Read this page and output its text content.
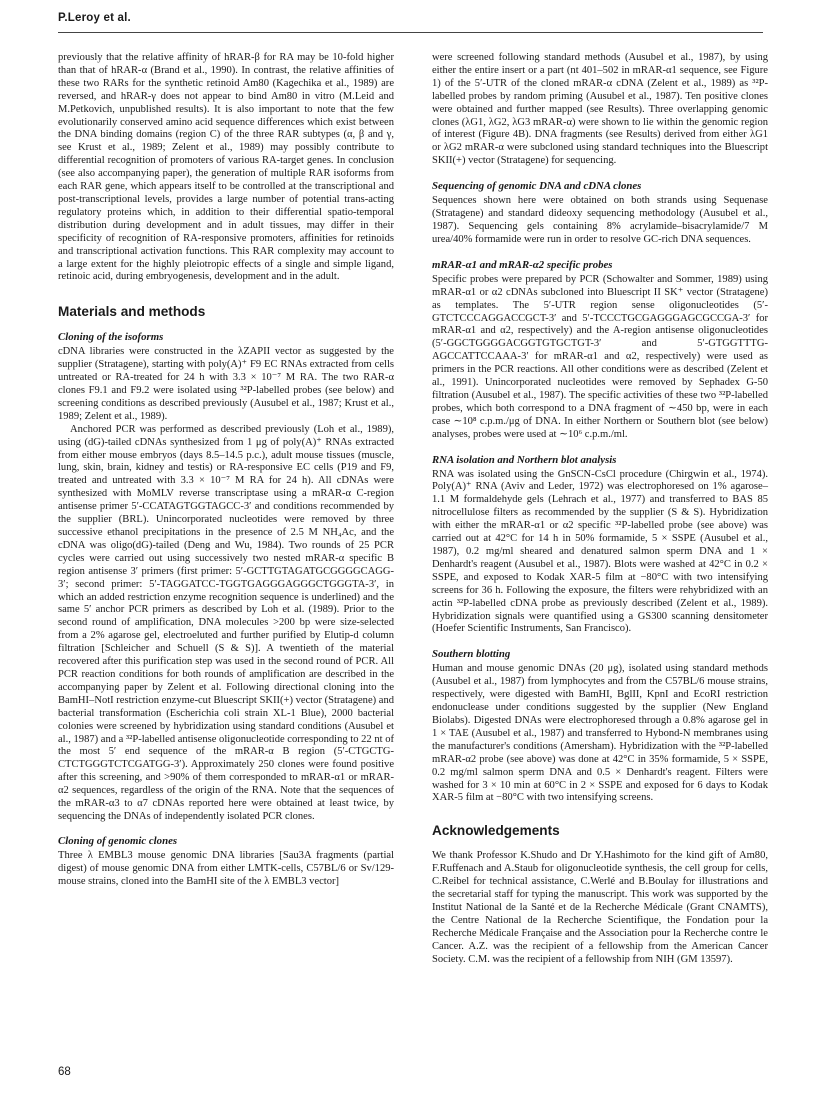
P.Leroy et al.

previously that the relative affinity of hRAR-β for RA may be 10-fold higher than that of hRAR-α (Brand et al., 1990). In contrast, the relative affinities of these two RARs for the synthetic retinoid Am80 (Kagechika et al., 1989) are reversed, and hRAR-γ does not appear to bind Am80 in vitro (M.Leid and M.Petkovich, unpublished results). It is also important to note that the few evolutionarily conserved amino acid sequence differences which exist between the DNA binding domains (region C) of the three RAR subtypes (α, β and γ, see Krust et al., 1989; Zelent et al., 1989) may possibly contribute to differential recognition of promoters of various RA-target genes. In conclusion (see also accompanying paper), the generation of multiple RAR isoforms from each RAR gene, which appears itself to be controlled at the transcriptional and post-transcriptional levels, provides a large number of potential trans-acting regulatory proteins which, in addition to their differential spatio-temporal distribution during development and in adult tissues, may differ in their specificity of recognition of RA-responsive promoters, affinities for retinoids and transcriptional activation functions. This RAR complexity may account to a large extent for the highly pleiotropic effects of a single and simple ligand, retinoic acid, during embryogenesis, development and in the adult.

Materials and methods
Cloning of the isoforms

cDNA libraries were constructed in the λZAPII vector as suggested by the supplier (Stratagene), starting with poly(A)⁺ F9 EC RNAs extracted from cells untreated or RA-treated for 24 h with 3.3 × 10⁻⁷ M RA. The two RAR-α clones F9.1 and F9.2 were isolated using ³²P-labelled probes (see below) and screening conditions as described previously (Ausubel et al., 1987; Krust et al., 1989; Zelent et al., 1989).

Anchored PCR was performed as described previously (Loh et al., 1989), using (dG)-tailed cDNAs synthesized from 1 μg of poly(A)⁺ RNAs extracted from either mouse embryos (days 8.5–14.5 p.c.), adult mouse tissues (muscle, lung, skin, brain, kidney and testis) or RA-responsive EC cells (P19 and F9, treated and untreated with 3.3 × 10⁻⁷ M RA for 24 h). All cDNAs were synthesized with MoMLV reverse transcriptase using a mRAR-α C-region antisense primer 5′-CCATAGTGGTAGCC-3′ and conditions recommended by the supplier (BRL). Unincorporated nucleotides were removed by three successive ethanol precipitations in the presence of 2.5 M NH₄Ac, and the cDNA was oligo(dG)-tailed (Deng and Wu, 1984). Two rounds of 25 PCR cycles were carried out using successively two nested mRAR-α specific B region antisense 3′ primers (first primer: 5′-GCTTGTAGATGCGGGGCAGG-3′; second primer: 5′-TAGGATCC-TGGTGAGGGAGGGCTGGGTA-3′, in which an added restriction enzyme recognition sequence is underlined) and the same 5′ anchor PCR primers as described by Loh et al. (1989). Prior to the second round of amplification, DNA molecules >200 bp were size-selected from a 2% agarose gel, electroeluted and further purified by Elutip-d column filtration [Schleicher and Schuell (S & S)]. A twentieth of the material recovered after this purification step was used in the second round of PCR. All PCR reaction conditions for both rounds of amplification are described in the accompanying paper by Zelent et al. Following directional cloning into the BamHI–NotI restriction enzyme-cut Bluescript SKII(+) vector (Stratagene) and bacterial transformation (Escherichia coli strain XL-1 Blue), 2000 bacterial colonies were screened by hybridization using standard conditions (Ausubel et al., 1987) and a ³²P-labelled antisense oligonucleotide corresponding to 22 nt of the most 5′ end sequence of the mRAR-α B region (5′-CTGCTG-CTCTGGGTCTCGATGG-3′). Approximately 250 clones were found positive after this screening, and >90% of them corresponded to mRAR-α1 or mRAR-α2 sequences, regardless of the origin of the RNA. Note that the sequences of the mRAR-α3 to α7 cDNAs reported here were obtained at least twice, by sequencing the DNAs of independently isolated PCR clones.

Cloning of genomic clones

Three λ EMBL3 mouse genomic DNA libraries [Sau3A fragments (partial digest) of mouse genomic DNA from either LMTK-cells, C57BL/6 or Sv/129-mouse strains, cloned into the BamHI site of the λ EMBL3 vector]

were screened following standard methods (Ausubel et al., 1987), by using either the entire insert or a part (nt 401–502 in mRAR-α1 sequence, see Figure 1) of the 5′-UTR of the cloned mRAR-α cDNA (Zelent et al., 1989) as ³²P-labelled probes by random priming (Ausubel et al., 1987). Ten positive clones were obtained and further mapped (see Results). Three overlapping genomic clones (λG1, λG2, λG3 mRAR-α) were shown to lie within the genomic region of interest (Figure 4B). DNA fragments (see Results) derived from either λG1 or λG2 mRAR-α were subcloned using standard techniques into the Bluescript SKII(+) vector (Stratagene) for sequencing.

Sequencing of genomic DNA and cDNA clones

Sequences shown here were obtained on both strands using Sequenase (Stratagene) and standard dideoxy sequencing methodology (Ausubel et al., 1987). Sequencing gels containing 8% acrylamide–bisacrylamide/7 M urea/40% formamide were run in order to resolve GC-rich DNA sequences.

mRAR-α1 and mRAR-α2 specific probes

Specific probes were prepared by PCR (Schowalter and Sommer, 1989) using mRAR-α1 or α2 cDNAs subcloned into Bluescript II SK⁺ vector (Stratagene) as templates. The 5′-UTR region sense oligonucleotides (5′-GTCTCCCAGGACCGCT-3′ and 5′-TCCCTGCGAGGGAGCGCCGA-3′ for mRAR-α1 and α2, respectively) and the A-region antisense oligonucleotides (5′-GGCTGGGGACGGTGTGCTGT-3′ and 5′-GTGGTTTG-AGCCATTCCAAA-3′ for mRAR-α1 and α2, respectively) were used as primers in the PCR reactions. All other conditions were as described (Zelent et al., 1991). Unincorporated nucleotides were removed by Sephadex G-50 filtration (Ausubel et al., 1987). The specific activities of these two ³²P-labelled probes, which both correspond to a DNA fragment of ∼450 bp, were in each case ∼10⁸ c.p.m./μg of DNA. In either Northern or Southern blot (see below) analyses, probes were used at ∼10⁶ c.p.m./ml.

RNA isolation and Northern blot analysis

RNA was isolated using the GnSCN-CsCl procedure (Chirgwin et al., 1974). Poly(A)⁺ RNA (Aviv and Leder, 1972) was electrophoresed on 1% agarose–1.1 M formaldehyde gels (Lehrach et al., 1977) and transferred to BAS 85 nitrocellulose filters as recommended by the supplier (S & S). Hybridization with either the mRAR-α1 or α2 specific ³²P-labelled probe (see above) was carried out at 42°C for 14 h in 50% formamide, 5 × SSPE (Ausubel et al., 1987), 0.2 mg/ml sheared and denatured salmon sperm DNA and 1 × Denhardt's reagent (Ausubel et al., 1987). Blots were washed at 42°C in 0.2 × SSPE, and exposed to Kodak XAR-5 film at −80°C with two intensifying screens for 36 h. Following the exposure, the filters were rehybridized with an actin ³²P-labelled cDNA probe as previously described (Zelent et al., 1989). Hybridization signals were quantified using a GS300 scanning densitometer (Hoefer Scientific Instruments, San Francisco).

Southern blotting

Human and mouse genomic DNAs (20 μg), isolated using standard methods (Ausubel et al., 1987) from lymphocytes and from the C57BL/6 mouse strains, respectively, were digested with BamHI, BglII, KpnI and EcoRI restriction endonuclease under conditions suggested by the supplier (New England Biolabs). Digested DNAs were electrophoresed through a 0.8% agarose gel in 1 × TAE (Ausubel et al., 1987) and transferred to Hybond-N membranes using the manufacturer's conditions (Amersham). Hybridization with the ³²P-labelled mRAR-α2 probe (see above) was done at 42°C in 35% formamide, 5 × SSPE, 0.2 mg/ml salmon sperm DNA and 0.5 × Denhardt's reagent. Filters were washed for 3 × 10 min at 60°C in 2 × SSPE and exposed for 6 days to Kodak XAR-5 film at −80°C with two intensifying screens.

Acknowledgements

We thank Professor K.Shudo and Dr Y.Hashimoto for the kind gift of Am80, F.Ruffenach and A.Staub for oligonucleotide synthesis, the cell group for cells, C.Reibel for technical assistance, C.Werlé and B.Boulay for illustrations and the secretarial staff for typing the manuscript. This work was supported by the Institut National de la Santé et de la Recherche Médicale (Grant CNAMTS), the Centre National de la Recherche Scientifique, the Fondation pour la Recherche Médicale Française and the Association pour la Recherche contre le Cancer. A.Z. was the recipient of a fellowship from the American Cancer Society. C.M. was the recipient of a fellowship from NIH (GM 13597).

68
